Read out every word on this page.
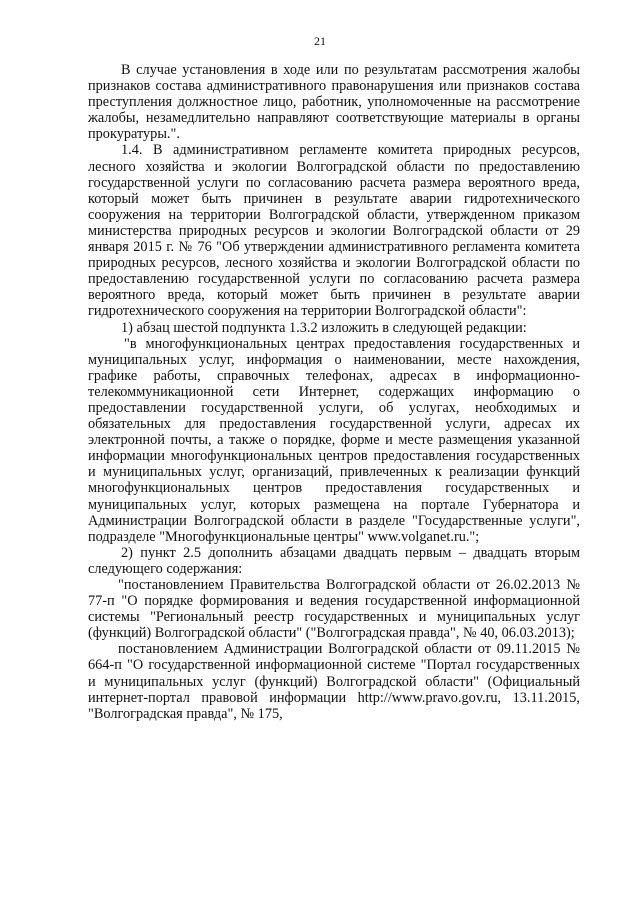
21

В случае установления в ходе или по результатам рассмотрения жалобы признаков состава административного правонарушения или признаков состава преступления должностное лицо, работник, уполномоченные на рассмотрение жалобы, незамедлительно направляют соответствующие материалы в органы прокуратуры.".

1.4. В административном регламенте комитета природных ресурсов, лесного хозяйства и экологии Волгоградской области по предоставлению государственной услуги по согласованию расчета размера вероятного вреда, который может быть причинен в результате аварии гидротехнического сооружения на территории Волгоградской области, утвержденном приказом министерства природных ресурсов и экологии Волгоградской области от 29 января 2015 г. № 76 "Об утверждении административного регламента комитета природных ресурсов, лесного хозяйства и экологии Волгоградской области по предоставлению государственной услуги по согласованию расчета размера вероятного вреда, который может быть причинен в результате аварии гидротехнического сооружения на территории Волгоградской области":

1) абзац шестой подпункта 1.3.2 изложить в следующей редакции:

"в многофункциональных центрах предоставления государственных и муниципальных услуг, информация о наименовании, месте нахождения, графике работы, справочных телефонах, адресах в информационно-телекоммуникационной сети Интернет, содержащих информацию о предоставлении государственной услуги, об услугах, необходимых и обязательных для предоставления государственной услуги, адресах их электронной почты, а также о порядке, форме и месте размещения указанной информации многофункциональных центров предоставления государственных и муниципальных услуг, организаций, привлеченных к реализации функций многофункциональных центров предоставления государственных и муниципальных услуг, которых размещена на портале Губернатора и Администрации Волгоградской области в разделе "Государственные услуги", подразделе "Многофункциональные центры" www.volganet.ru.";

2) пункт 2.5 дополнить абзацами двадцать первым – двадцать вторым следующего содержания:

"постановлением Правительства Волгоградской области от 26.02.2013 № 77-п "О порядке формирования и ведения государственной информационной системы "Региональный реестр государственных и муниципальных услуг (функций) Волгоградской области" ("Волгоградская правда", № 40, 06.03.2013);

постановлением Администрации Волгоградской области от 09.11.2015 № 664-п "О государственной информационной системе "Портал государственных и муниципальных услуг (функций) Волгоградской области" (Официальный интернет-портал правовой информации http://www.pravo.gov.ru, 13.11.2015, "Волгоградская правда", № 175,
